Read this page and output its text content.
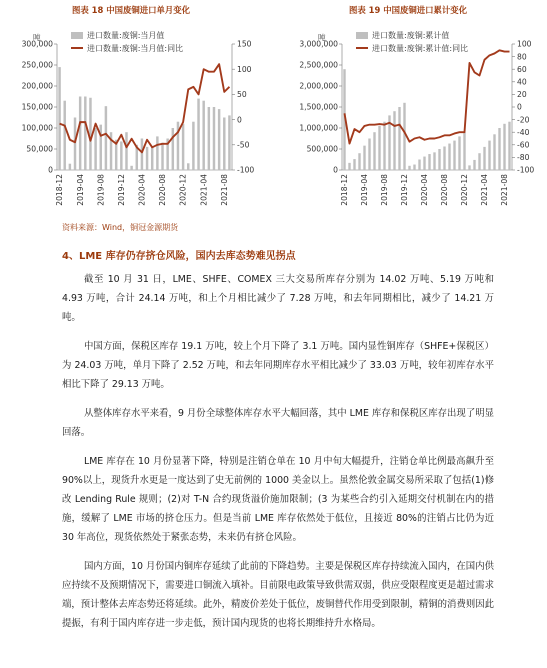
图表 18 中国废铜进口单月变化	图表 19 中国废铜进口累计变化
吨
300,000
250,000
200,000
150,000
100,000
50,000
0
150
100
50
0
-50
-100
2018-12 2019-04 2019-08 2019-12 2020-04 2020-08 2020-12 2021-04 2021-08
进口数量:废铜:当月值
进口数量:废铜:当月值:同比
吨
3,000,000
2,500,000
2,000,000
1,500,000
1,000,000
500,000
0
100
80
60
40
20
0
-20
-40
-60
-80
-100
2018-12 2019-04 2019-08 2019-12 2020-04 2020-08 2020-12 2021-04 2021-08
进口数量:废铜:累计值
进口数量:废铜:累计值:同比
资料来源：Wind，铜冠金源期货
4、LME 库存仍存挤仓风险，国内去库态势难见拐点

截至 10 月 31 日，LME、SHFE、COMEX 三大交易所库存分别为 14.02 万吨、5.19 万吨和 4.93 万吨，合计 24.14 万吨，和上个月相比减少了 7.28 万吨，和去年同期相比，减少了 14.21 万吨。

中国方面，保税区库存 19.1 万吨，较上个月下降了 3.1 万吨。国内显性铜库存（SHFE+保税区）为 24.03 万吨，单月下降了 2.52 万吨，和去年同期库存水平相比减少了 33.03 万吨，较年初库存水平相比下降了 29.13 万吨。

从整体库存水平来看，9 月份全球整体库存水平大幅回落，其中 LME 库存和保税区库存出现了明显回落。

LME 库存在 10 月份显著下降，特别是注销仓单在 10 月中旬大幅提升，注销仓单比例最高飙升至 90%以上，现货升水更是一度达到了史无前例的 1000 美金以上。虽然伦敦金属交易所采取了包括(1)修改 Lending Rule 规则；(2)对 T-N 合约现货溢价施加限制；(3 为某些合约引入延期交付机制在内的措施，缓解了 LME 市场的挤仓压力。但是当前 LME 库存依然处于低位，且接近 80%的注销占比仍为近 30 年高位，现货依然处于紧张态势，未来仍有挤仓风险。

国内方面，10 月份国内铜库存延续了此前的下降趋势。主要是保税区库存持续流入国内，在国内供应持续不及预期情况下，需要进口铜流入填补。目前限电政策导致供需双弱，供应受限程度更是超过需求端，预计整体去库态势还将延续。此外，精废价差处于低位，废铜替代作用受到限制，精铜的消费则因此提振，有利于国内库存进一步走低，预计国内现货的也将长期维持升水格局。
